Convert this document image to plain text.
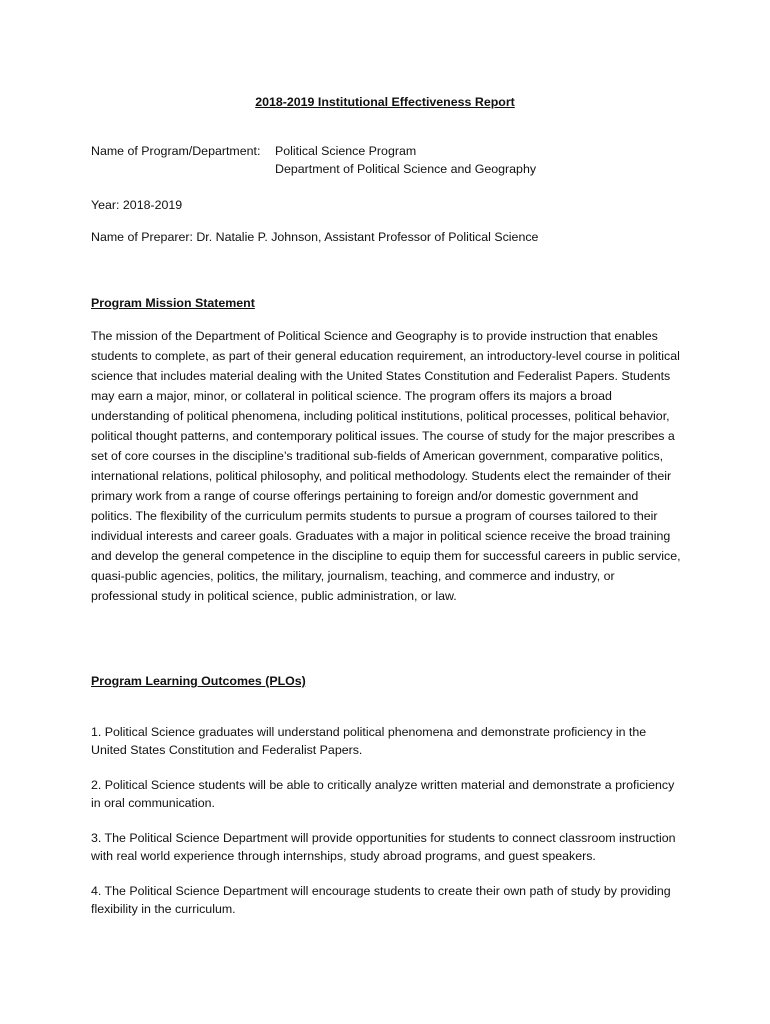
2018-2019 Institutional Effectiveness Report
Name of Program/Department:	Political Science Program
Department of Political Science and Geography
Year: 2018-2019
Name of Preparer: Dr. Natalie P. Johnson, Assistant Professor of Political Science
Program Mission Statement
The mission of the Department of Political Science and Geography is to provide instruction that enables students to complete, as part of their general education requirement, an introductory-level course in political science that includes material dealing with the United States Constitution and Federalist Papers. Students may earn a major, minor, or collateral in political science. The program offers its majors a broad understanding of political phenomena, including political institutions, political processes, political behavior, political thought patterns, and contemporary political issues. The course of study for the major prescribes a set of core courses in the discipline’s traditional sub-fields of American government, comparative politics, international relations, political philosophy, and political methodology. Students elect the remainder of their primary work from a range of course offerings pertaining to foreign and/or domestic government and politics. The flexibility of the curriculum permits students to pursue a program of courses tailored to their individual interests and career goals. Graduates with a major in political science receive the broad training and develop the general competence in the discipline to equip them for successful careers in public service, quasi-public agencies, politics, the military, journalism, teaching, and commerce and industry, or professional study in political science, public administration, or law.
Program Learning Outcomes (PLOs)
1. Political Science graduates will understand political phenomena and demonstrate proficiency in the United States Constitution and Federalist Papers.
2. Political Science students will be able to critically analyze written material and demonstrate a proficiency in oral communication.
3. The Political Science Department will provide opportunities for students to connect classroom instruction with real world experience through internships, study abroad programs, and guest speakers.
4. The Political Science Department will encourage students to create their own path of study by providing flexibility in the curriculum.
